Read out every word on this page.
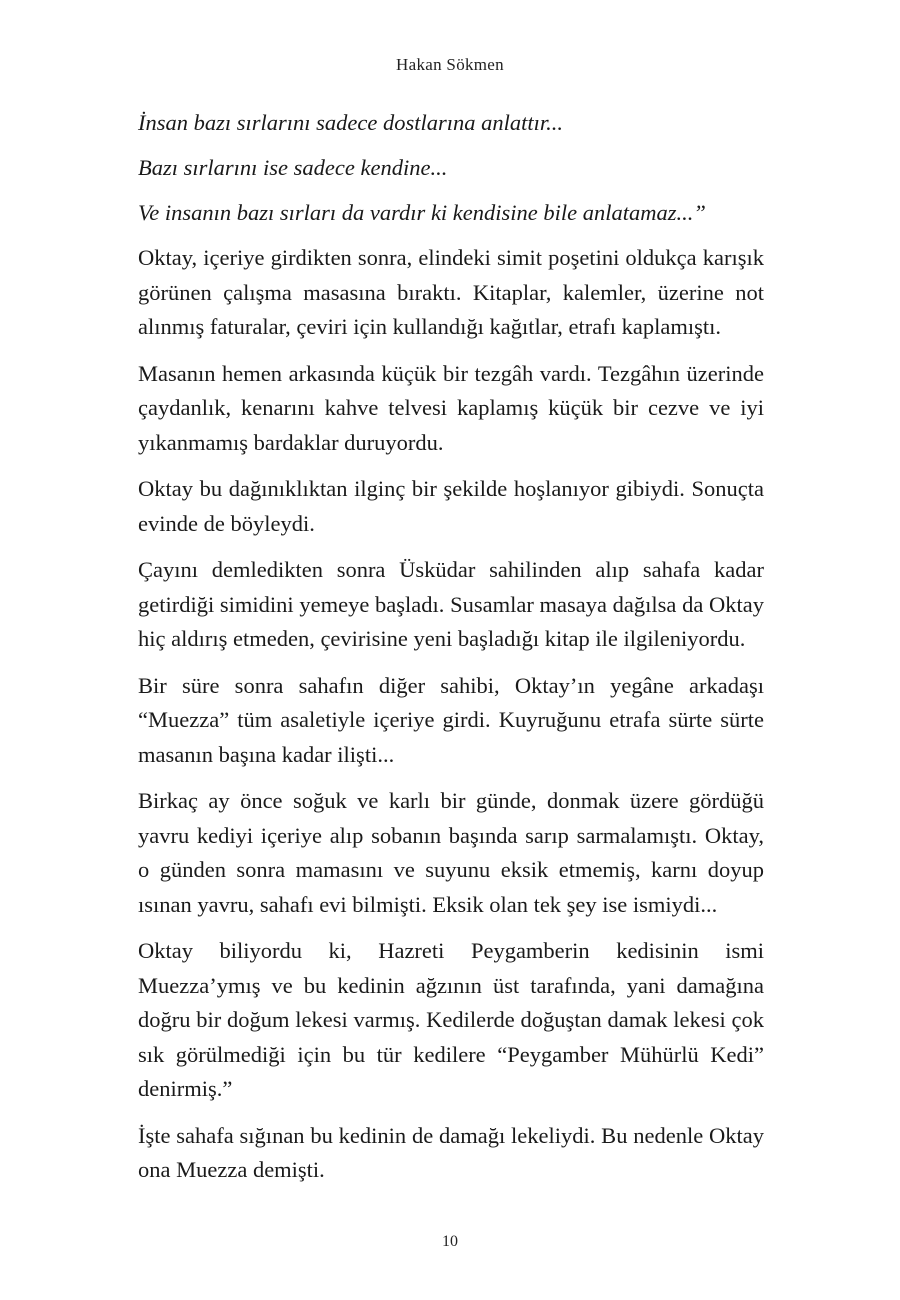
Hakan Sökmen

İnsan bazı sırlarını sadece dostlarına anlattır...

Bazı sırlarını ise sadece kendine...

Ve insanın bazı sırları da vardır ki kendisine bile anlatamaz...”

Oktay, içeriye girdikten sonra, elindeki simit poşetini oldukça karışık görünen çalışma masasına bıraktı. Kitaplar, kalemler, üzerine not alınmış faturalar, çeviri için kullandığı kağıtlar, etrafı kaplamıştı.

Masanın hemen arkasında küçük bir tezgâh vardı. Tezgâhın üzerinde çaydanlık, kenarını kahve telvesi kaplamış küçük bir cezve ve iyi yıkanmamış bardaklar duruyordu.

Oktay bu dağınıklıktan ilginç bir şekilde hoşlanıyor gibiydi. Sonuçta evinde de böyleydi.

Çayını demledikten sonra Üsküdar sahilinden alıp sahafa kadar getirdiği simidini yemeye başladı. Susamlar masaya dağılsa da Oktay hiç aldırış etmeden, çevirisine yeni başladığı kitap ile ilgileniyordu.

Bir süre sonra sahafın diğer sahibi, Oktay’ın yegâne arkadaşı “Muezza” tüm asaletiyle içeriye girdi. Kuyruğunu etrafa sürte sürte masanın başına kadar ilişti...

Birkaç ay önce soğuk ve karlı bir günde, donmak üzere gördüğü yavru kediyi içeriye alıp sobanın başında sarıp sarmalamıştı. Oktay, o günden sonra mamasını ve suyunu eksik etmemiş, karnı doyup ısınan yavru, sahafı evi bilmişti. Eksik olan tek şey ise ismiydi...

Oktay biliyordu ki, Hazreti Peygamberin kedisinin ismi Muezza’ymış ve bu kedinin ağzının üst tarafında, yani damağına doğru bir doğum lekesi varmış. Kedilerde doğuştan damak lekesi çok sık görülmediği için bu tür kedilere “Peygamber Mühürlü Kedi” denirmiş.”

İşte sahafa sığınan bu kedinin de damağı lekeliydi. Bu nedenle Oktay ona Muezza demişti.

10
